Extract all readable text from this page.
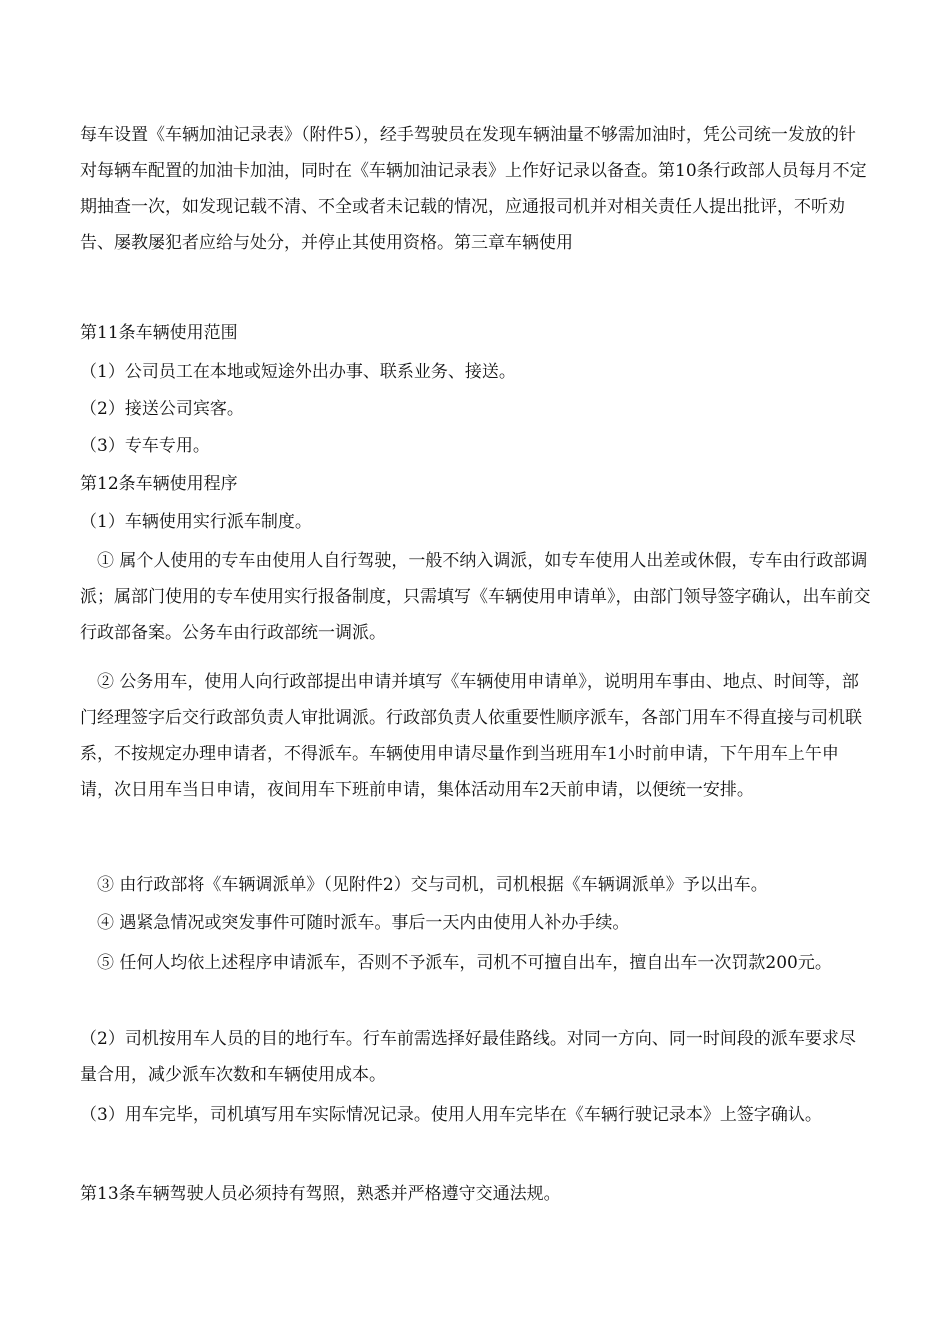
每车设置《车辆加油记录表》（附件5），经手驾驶员在发现车辆油量不够需加油时，凭公司统一发放的针对每辆车配置的加油卡加油，同时在《车辆加油记录表》上作好记录以备查。第10条行政部人员每月不定期抽查一次，如发现记载不清、不全或者未记载的情况，应通报司机并对相关责任人提出批评，不听劝告、屡教屡犯者应给与处分，并停止其使用资格。第三章车辆使用

第11条车辆使用范围

（1）公司员工在本地或短途外出办事、联系业务、接送。

（2）接送公司宾客。

（3）专车专用。

第12条车辆使用程序

（1）车辆使用实行派车制度。

① 属个人使用的专车由使用人自行驾驶，一般不纳入调派，如专车使用人出差或休假，专车由行政部调派；属部门使用的专车使用实行报备制度，只需填写《车辆使用申请单》，由部门领导签字确认，出车前交行政部备案。公务车由行政部统一调派。

② 公务用车，使用人向行政部提出申请并填写《车辆使用申请单》，说明用车事由、地点、时间等，部门经理签字后交行政部负责人审批调派。行政部负责人依重要性顺序派车，各部门用车不得直接与司机联系，不按规定办理申请者，不得派车。车辆使用申请尽量作到当班用车1小时前申请，下午用车上午申请，次日用车当日申请，夜间用车下班前申请，集体活动用车2天前申请，以便统一安排。

③ 由行政部将《车辆调派单》（见附件2）交与司机，司机根据《车辆调派单》予以出车。

④ 遇紧急情况或突发事件可随时派车。事后一天内由使用人补办手续。

⑤ 任何人均依上述程序申请派车，否则不予派车，司机不可擅自出车，擅自出车一次罚款200元。

（2）司机按用车人员的目的地行车。行车前需选择好最佳路线。对同一方向、同一时间段的派车要求尽量合用，减少派车次数和车辆使用成本。

（3）用车完毕，司机填写用车实际情况记录。使用人用车完毕在《车辆行驶记录本》上签字确认。

第13条车辆驾驶人员必须持有驾照，熟悉并严格遵守交通法规。
